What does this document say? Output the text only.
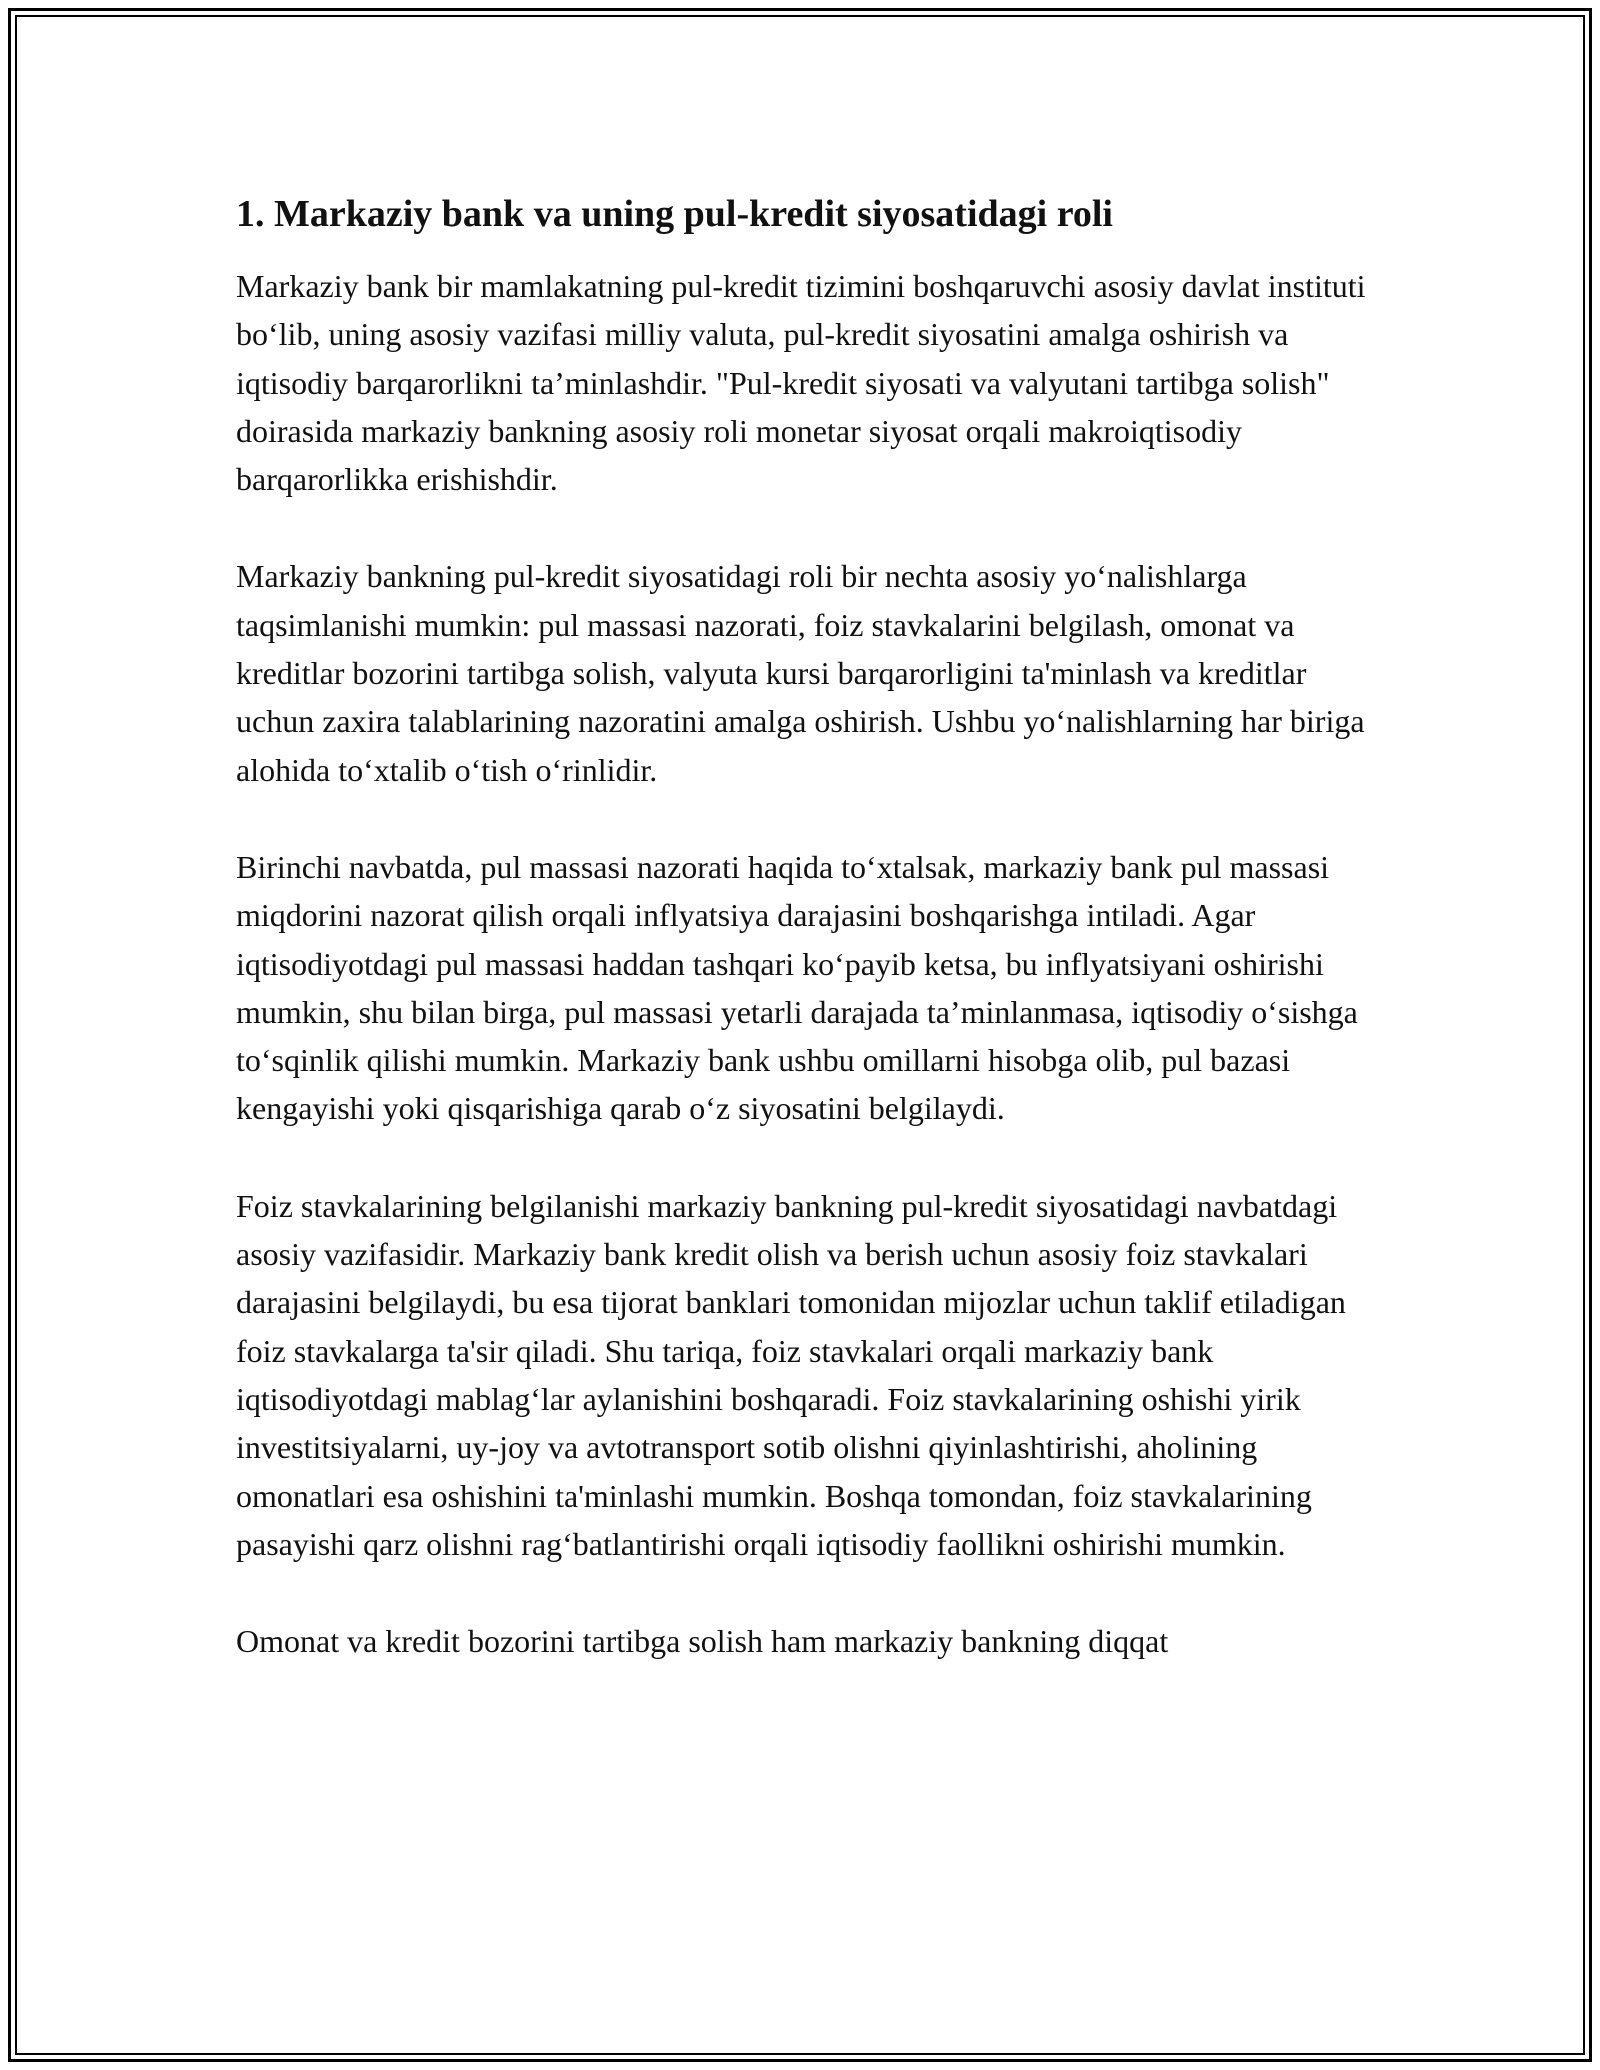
1. Markaziy bank va uning pul-kredit siyosatidagi roli

Markaziy bank bir mamlakatning pul-kredit tizimini boshqaruvchi asosiy davlat instituti bo‘lib, uning asosiy vazifasi milliy valuta, pul-kredit siyosatini amalga oshirish va iqtisodiy barqarorlikni ta’minlashdir. "Pul-kredit siyosati va valyutani tartibga solish" doirasida markaziy bankning asosiy roli monetar siyosat orqali makroiqtisodiy barqarorlikka erishishdir.

Markaziy bankning pul-kredit siyosatidagi roli bir nechta asosiy yo‘nalishlarga taqsimlanishi mumkin: pul massasi nazorati, foiz stavkalarini belgilash, omonat va kreditlar bozorini tartibga solish, valyuta kursi barqarorligini ta'minlash va kreditlar uchun zaxira talablarining nazoratini amalga oshirish. Ushbu yo‘nalishlarning har biriga alohida to‘xtalib o‘tish o‘rinlidir.

Birinchi navbatda, pul massasi nazorati haqida to‘xtalsak, markaziy bank pul massasi miqdorini nazorat qilish orqali inflyatsiya darajasini boshqarishga intiladi. Agar iqtisodiyotdagi pul massasi haddan tashqari ko‘payib ketsa, bu inflyatsiyani oshirishi mumkin, shu bilan birga, pul massasi yetarli darajada ta’minlanmasa, iqtisodiy o‘sishga to‘sqinlik qilishi mumkin. Markaziy bank ushbu omillarni hisobga olib, pul bazasi kengayishi yoki qisqarishiga qarab o‘z siyosatini belgilaydi.

Foiz stavkalarining belgilanishi markaziy bankning pul-kredit siyosatidagi navbatdagi asosiy vazifasidir. Markaziy bank kredit olish va berish uchun asosiy foiz stavkalari darajasini belgilaydi, bu esa tijorat banklari tomonidan mijozlar uchun taklif etiladigan foiz stavkalarga ta'sir qiladi. Shu tariqa, foiz stavkalari orqali markaziy bank iqtisodiyotdagi mablag‘lar aylanishini boshqaradi. Foiz stavkalarining oshishi yirik investitsiyalarni, uy-joy va avtotransport sotib olishni qiyinlashtirishi, aholining omonatlari esa oshishini ta'minlashi mumkin. Boshqa tomondan, foiz stavkalarining pasayishi qarz olishni rag‘batlantirishi orqali iqtisodiy faollikni oshirishi mumkin.

Omonat va kredit bozorini tartibga solish ham markaziy bankning diqqat
